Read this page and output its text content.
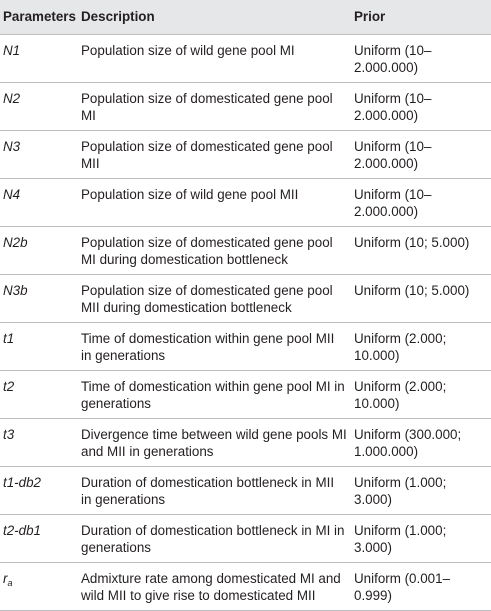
Parameters	Description	Prior
N1	Population size of wild gene pool MI	Uniform (10–2.000.000)
N2	Population size of domesticated gene pool MI	Uniform (10–2.000.000)
N3	Population size of domesticated gene pool MII	Uniform (10–2.000.000)
N4	Population size of wild gene pool MII	Uniform (10–2.000.000)
N2b	Population size of domesticated gene pool MI during domestication bottleneck	Uniform (10; 5.000)
N3b	Population size of domesticated gene pool MII during domestication bottleneck	Uniform (10; 5.000)
t1	Time of domestication within gene pool MII in generations	Uniform (2.000; 10.000)
t2	Time of domestication within gene pool MI in generations	Uniform (2.000; 10.000)
t3	Divergence time between wild gene pools MI and MII in generations	Uniform (300.000; 1.000.000)
t1-db2	Duration of domestication bottleneck in MII in generations	Uniform (1.000; 3.000)
t2-db1	Duration of domestication bottleneck in MI in generations	Uniform (1.000; 3.000)
$r_a$	Admixture rate among domesticated MI and wild MII to give rise to domesticated MII	Uniform (0.001–0.999)
